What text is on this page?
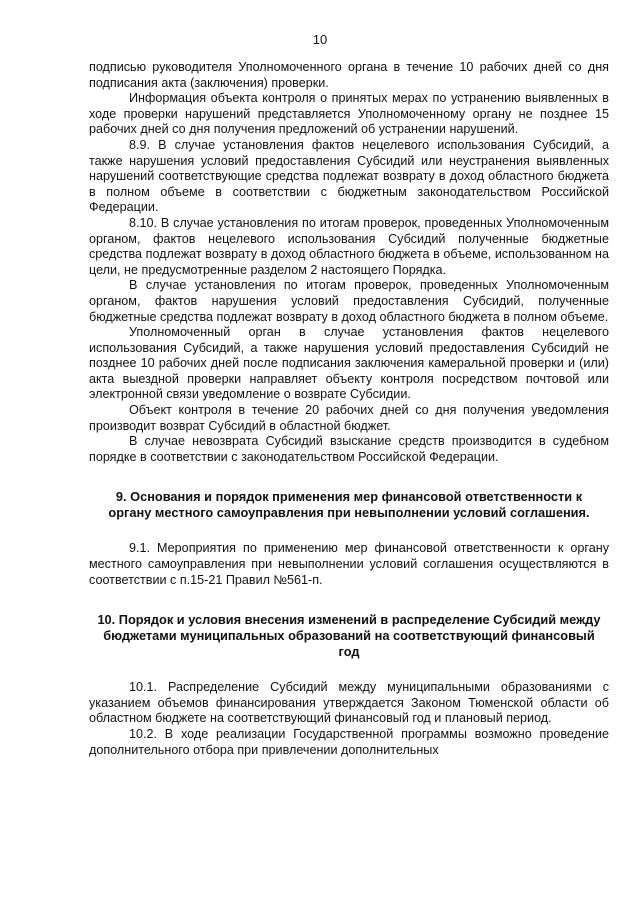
10

подписью руководителя Уполномоченного органа в течение 10 рабочих дней со дня подписания акта (заключения) проверки.

Информация объекта контроля о принятых мерах по устранению выявленных в ходе проверки нарушений представляется Уполномоченному органу не позднее 15 рабочих дней со дня получения предложений об устранении нарушений.

8.9. В случае установления фактов нецелевого использования Субсидий, а также нарушения условий предоставления Субсидий или неустранения выявленных нарушений соответствующие средства подлежат возврату в доход областного бюджета в полном объеме в соответствии с бюджетным законодательством Российской Федерации.

8.10. В случае установления по итогам проверок, проведенных Уполномоченным органом, фактов нецелевого использования Субсидий полученные бюджетные средства подлежат возврату в доход областного бюджета в объеме, использованном на цели, не предусмотренные разделом 2 настоящего Порядка.

В случае установления по итогам проверок, проведенных Уполномоченным органом, фактов нарушения условий предоставления Субсидий, полученные бюджетные средства подлежат возврату в доход областного бюджета в полном объеме.

Уполномоченный орган в случае установления фактов нецелевого использования Субсидий, а также нарушения условий предоставления Субсидий не позднее 10 рабочих дней после подписания заключения камеральной проверки и (или) акта выездной проверки направляет объекту контроля посредством почтовой или электронной связи уведомление о возврате Субсидии.

Объект контроля в течение 20 рабочих дней со дня получения уведомления производит возврат Субсидий в областной бюджет.

В случае невозврата Субсидий взыскание средств производится в судебном порядке в соответствии с законодательством Российской Федерации.

9. Основания и порядок применения мер финансовой ответственности к органу местного самоуправления при невыполнении условий соглашения.

9.1. Мероприятия по применению мер финансовой ответственности к органу местного самоуправления при невыполнении условий соглашения осуществляются в соответствии с п.15-21 Правил №561-п.

10. Порядок и условия внесения изменений в распределение Субсидий между бюджетами муниципальных образований на соответствующий финансовый год

10.1. Распределение Субсидий между муниципальными образованиями с указанием объемов финансирования утверждается Законом Тюменской области об областном бюджете на соответствующий финансовый год и плановый период.

10.2. В ходе реализации Государственной программы возможно проведение дополнительного отбора при привлечении дополнительных
